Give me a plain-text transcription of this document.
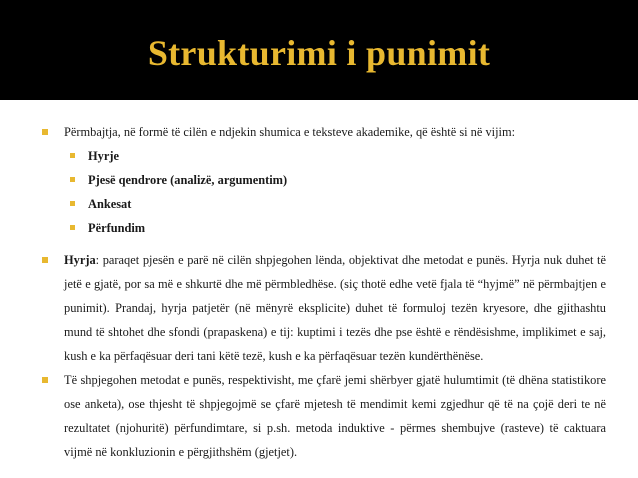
Strukturimi i punimit
Përmbajtja, në formë të cilën e ndjekin shumica e teksteve akademike, që është si në vijim:
Hyrje
Pjesë qendrore (analizë, argumentim)
Ankesat
Përfundim
Hyrja: paraqet pjesën e parë në cilën shpjegohen lënda, objektivat dhe metodat e punës. Hyrja nuk duhet të jetë e gjatë, por sa më e shkurtë dhe më përmbledhëse. (siç thotë edhe vetë fjala të “hyjmë” në përmbajtjen e punimit). Prandaj, hyrja patjetër (në mënyrë eksplicite) duhet të formuloj tezën kryesore, dhe gjithashtu mund të shtohet dhe sfondi (prapaskena) e tij: kuptimi i tezës dhe pse është e rëndësishme, implikimet e saj, kush e ka përfaqësuar deri tani këtë tezë, kush e ka përfaqësuar tezën kundërthënëse.
Të shpjegohen metodat e punës, respektivisht, me çfarë jemi shërbyer gjatë hulumtimit (të dhëna statistikore ose anketa), ose thjesht të shpjegojmë se çfarë mjetesh të mendimit kemi zgjedhur që të na çojë deri te në rezultatet (njohuritë) përfundimtare, si p.sh. metoda induktive - përmes shembujve (rasteve) të caktuara vijmë në konkluzionin e përgjithshëm (gjetjet).
